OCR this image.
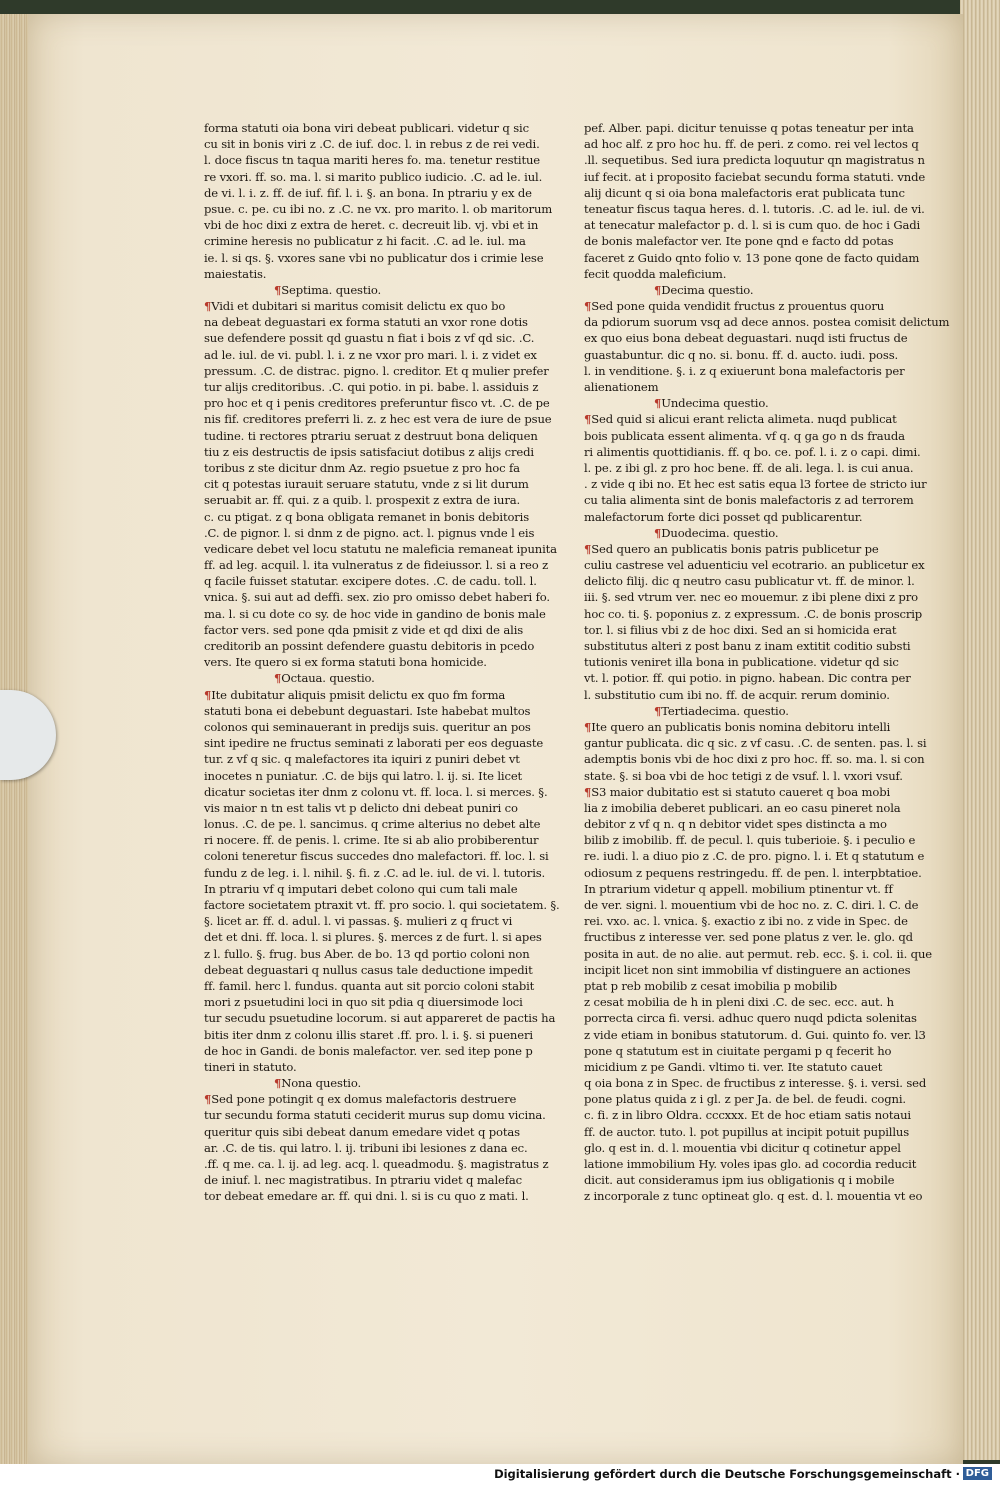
forma statuti oia bona viri debeat publicari. videtur q sic
cu sit in bonis viri z .C. de iuf. doc. l. in rebus z de rei vedi.
l. doce fiscus tn taqua mariti heres fo. ma. tenetur restitue
re vxori. ff. so. ma. l. si marito publico iudicio. .C. ad le. iul.
de vi. l. i. z. ff. de iuf. fif. l. i. §. an bona. In ptrariu y ex de
psue. c. pe. cu ibi no. z .C. ne vx. pro marito. l. ob maritorum
vbi de hoc dixi z extra de heret. c. decreuit lib. vj. vbi et in
crimine heresis no publicatur z hi facit. .C. ad le. iul. ma
ie. l. si qs. §. vxores sane vbi no publicatur dos i crimie lese
maiestatis.
¶Septima. questio.
¶Vidi et dubitari si maritus comisit delictu ex quo bo
na debeat deguastari ex forma statuti an vxor rone dotis
sue defendere possit qd guastu n fiat i bois z vf qd sic. .C.
ad le. iul. de vi. publ. l. i. z ne vxor pro mari. l. i. z videt ex
pressum. .C. de distrac. pigno. l. creditor. Et q mulier prefer
tur alijs creditoribus. .C. qui potio. in pi. babe. l. assiduis z
pro hoc et q i penis creditores preferuntur fisco vt. .C. de pe
nis fif. creditores preferri li. z. z hec est vera de iure de psue
tudine. ti rectores ptrariu seruat z destruut bona deliquen
tiu z eis destructis de ipsis satisfaciut dotibus z alijs credi
toribus z ste dicitur dnm Az. regio psuetue z pro hoc fa
cit q potestas iurauit seruare statutu, vnde z si lit durum
seruabit ar. ff. qui. z a quib. l. prospexit z extra de iura.
c. cu ptigat. z q bona obligata remanet in bonis debitoris
.C. de pignor. l. si dnm z de pigno. act. l. pignus vnde l eis
vedicare debet vel locu statutu ne maleficia remaneat ipunita
ff. ad leg. acquil. l. ita vulneratus z de fideiussor. l. si a reo z
q facile fuisset statutar. excipere dotes. .C. de cadu. toll. l.
vnica. §. sui aut ad deffi. sex. zio pro omisso debet haberi fo.
ma. l. si cu dote co sy. de hoc vide in gandino de bonis male
factor vers. sed pone qda pmisit z vide et qd dixi de alis
creditorib an possint defendere guastu debitoris in pcedo
vers. Ite quero si ex forma statuti bona homicide.
¶Octaua. questio.
¶Ite dubitatur aliquis pmisit delictu ex quo fm forma
statuti bona ei debebunt deguastari. Iste habebat multos
colonos qui seminauerant in predijs suis. queritur an pos
sint ipedire ne fructus seminati z laborati per eos deguaste
tur. z vf q sic. q malefactores ita iquiri z puniri debet vt
inocetes n puniatur. .C. de bijs qui latro. l. ij. si. Ite licet
dicatur societas iter dnm z colonu vt. ff. loca. l. si merces. §.
vis maior n tn est talis vt p delicto dni debeat puniri co
lonus. .C. de pe. l. sancimus. q crime alterius no debet alte
ri nocere. ff. de penis. l. crime. Ite si ab alio probiberentur
coloni teneretur fiscus succedes dno malefactori. ff. loc. l. si
fundu z de leg. i. l. nihil. §. fi. z .C. ad le. iul. de vi. l. tutoris.
In ptrariu vf q imputari debet colono qui cum tali male
factore societatem ptraxit vt. ff. pro socio. l. qui societatem. §.
§. licet ar. ff. d. adul. l. vi passas. §. mulieri z q fruct vi
det et dni. ff. loca. l. si plures. §. merces z de furt. l. si apes
z l. fullo. §. frug. bus Aber. de bo. 13 qd portio coloni non
debeat deguastari q nullus casus tale deductione impedit
ff. famil. herc l. fundus. quanta aut sit porcio coloni stabit
mori z psuetudini loci in quo sit pdia q diuersimode loci
tur secudu psuetudine locorum. si aut appareret de pactis ha
bitis iter dnm z colonu illis staret .ff. pro. l. i. §. si pueneri
de hoc in Gandi. de bonis malefactor. ver. sed itep pone p
tineri in statuto.
¶Nona questio.
¶Sed pone potingit q ex domus malefactoris destruere
tur secundu forma statuti ceciderit murus sup domu vicina.
queritur quis sibi debeat danum emedare videt q potas
ar. .C. de tis. qui latro. l. ij. tribuni ibi lesiones z dana ec.
.ff. q me. ca. l. ij. ad leg. acq. l. queadmodu. §. magistratus z
de iniuf. l. nec magistratibus. In ptrariu videt q malefac
tor debeat emedare ar. ff. qui dni. l. si is cu quo z mati. l.
pef. Alber. papi. dicitur tenuisse q potas teneatur per inta
ad hoc alf. z pro hoc hu. ff. de peri. z como. rei vel lectos q
.ll. sequetibus. Sed iura predicta loquutur qn magistratus n
iuf fecit. at i proposito faciebat secundu forma statuti. vnde
alij dicunt q si oia bona malefactoris erat publicata tunc
teneatur fiscus taqua heres. d. l. tutoris. .C. ad le. iul. de vi.
at tenecatur malefactor p. d. l. si is cum quo. de hoc i Gadi
de bonis malefactor ver. Ite pone qnd e facto dd potas
faceret z Guido qnto folio v. 13 pone qone de facto quidam
fecit quodda maleficium.
¶Decima questio.
¶Sed pone quida vendidit fructus z prouentus quoru
da pdiorum suorum vsq ad dece annos. postea comisit delictum
ex quo eius bona debeat deguastari. nuqd isti fructus de
guastabuntur. dic q no. si. bonu. ff. d. aucto. iudi. poss.
l. in venditione. §. i. z q exiuerunt bona malefactoris per
alienationem
¶Undecima questio.
¶Sed quid si alicui erant relicta alimeta. nuqd publicat
bois publicata essent alimenta. vf q. q ga go n ds frauda
ri alimentis quottidianis. ff. q bo. ce. pof. l. i. z o capi. dimi.
l. pe. z ibi gl. z pro hoc bene. ff. de ali. lega. l. is cui anua.
. z vide q ibi no. Et hec est satis equa l3 fortee de stricto iur
cu talia alimenta sint de bonis malefactoris z ad terrorem
malefactorum forte dici posset qd publicarentur.
¶Duodecima. questio.
¶Sed quero an publicatis bonis patris publicetur pe
culiu castrese vel aduenticiu vel ecotrario. an publicetur ex
delicto filij. dic q neutro casu publicatur vt. ff. de minor. l.
iii. §. sed vtrum ver. nec eo mouemur. z ibi plene dixi z pro
hoc co. ti. §. poponius z. z expressum. .C. de bonis proscrip
tor. l. si filius vbi z de hoc dixi. Sed an si homicida erat
substitutus alteri z post banu z inam extitit coditio substi
tutionis veniret illa bona in publicatione. videtur qd sic
vt. l. potior. ff. qui potio. in pigno. habean. Dic contra per
l. substitutio cum ibi no. ff. de acquir. rerum dominio.
¶Tertiadecima. questio.
¶Ite quero an publicatis bonis nomina debitoru intelli
gantur publicata. dic q sic. z vf casu. .C. de senten. pas. l. si
ademptis bonis vbi de hoc dixi z pro hoc. ff. so. ma. l. si con
state. §. si boa vbi de hoc tetigi z de vsuf. l. l. vxori vsuf.
¶S3 maior dubitatio est si statuto caueret q boa mobi
lia z imobilia deberet publicari. an eo casu pineret nola
debitor z vf q n. q n debitor videt spes distincta a mo
bilib z imobilib. ff. de pecul. l. quis tuberioie. §. i peculio e
re. iudi. l. a diuo pio z .C. de pro. pigno. l. i. Et q statutum e
odiosum z pequens restringedu. ff. de pen. l. interpbtatioe.
In ptrarium videtur q appell. mobilium ptinentur vt. ff
de ver. signi. l. mouentium vbi de hoc no. z. C. diri. l. C. de
rei. vxo. ac. l. vnica. §. exactio z ibi no. z vide in Spec. de
fructibus z interesse ver. sed pone platus z ver. le. glo. qd
posita in aut. de no alie. aut permut. reb. ecc. §. i. col. ii. que
incipit licet non sint immobilia vf distinguere an actiones
ptat p reb mobilib z cesat imobilia p mobilib
z cesat mobilia de h in pleni dixi .C. de sec. ecc. aut. h
porrecta circa fi. versi. adhuc quero nuqd pdicta solenitas
z vide etiam in bonibus statutorum. d. Gui. quinto fo. ver. l3
pone q statutum est in ciuitate pergami p q fecerit ho
micidium z pe Gandi. vltimo ti. ver. Ite statuto cauet
q oia bona z in Spec. de fructibus z interesse. §. i. versi. sed
pone platus quida z i gl. z per Ja. de bel. de feudi. cogni.
c. fi. z in libro Oldra. cccxxx. Et de hoc etiam satis notaui
ff. de auctor. tuto. l. pot pupillus at incipit potuit pupillus
glo. q est in. d. l. mouentia vbi dicitur q cotinetur appel
latione immobilium Hy. voles ipas glo. ad cocordia reducit
dicit. aut consideramus ipm ius obligationis q i mobile
z incorporale z tunc optineat glo. q est. d. l. mouentia vt eo
Digitalisierung gefördert durch die Deutsche Forschungsgemeinschaft · DFG
